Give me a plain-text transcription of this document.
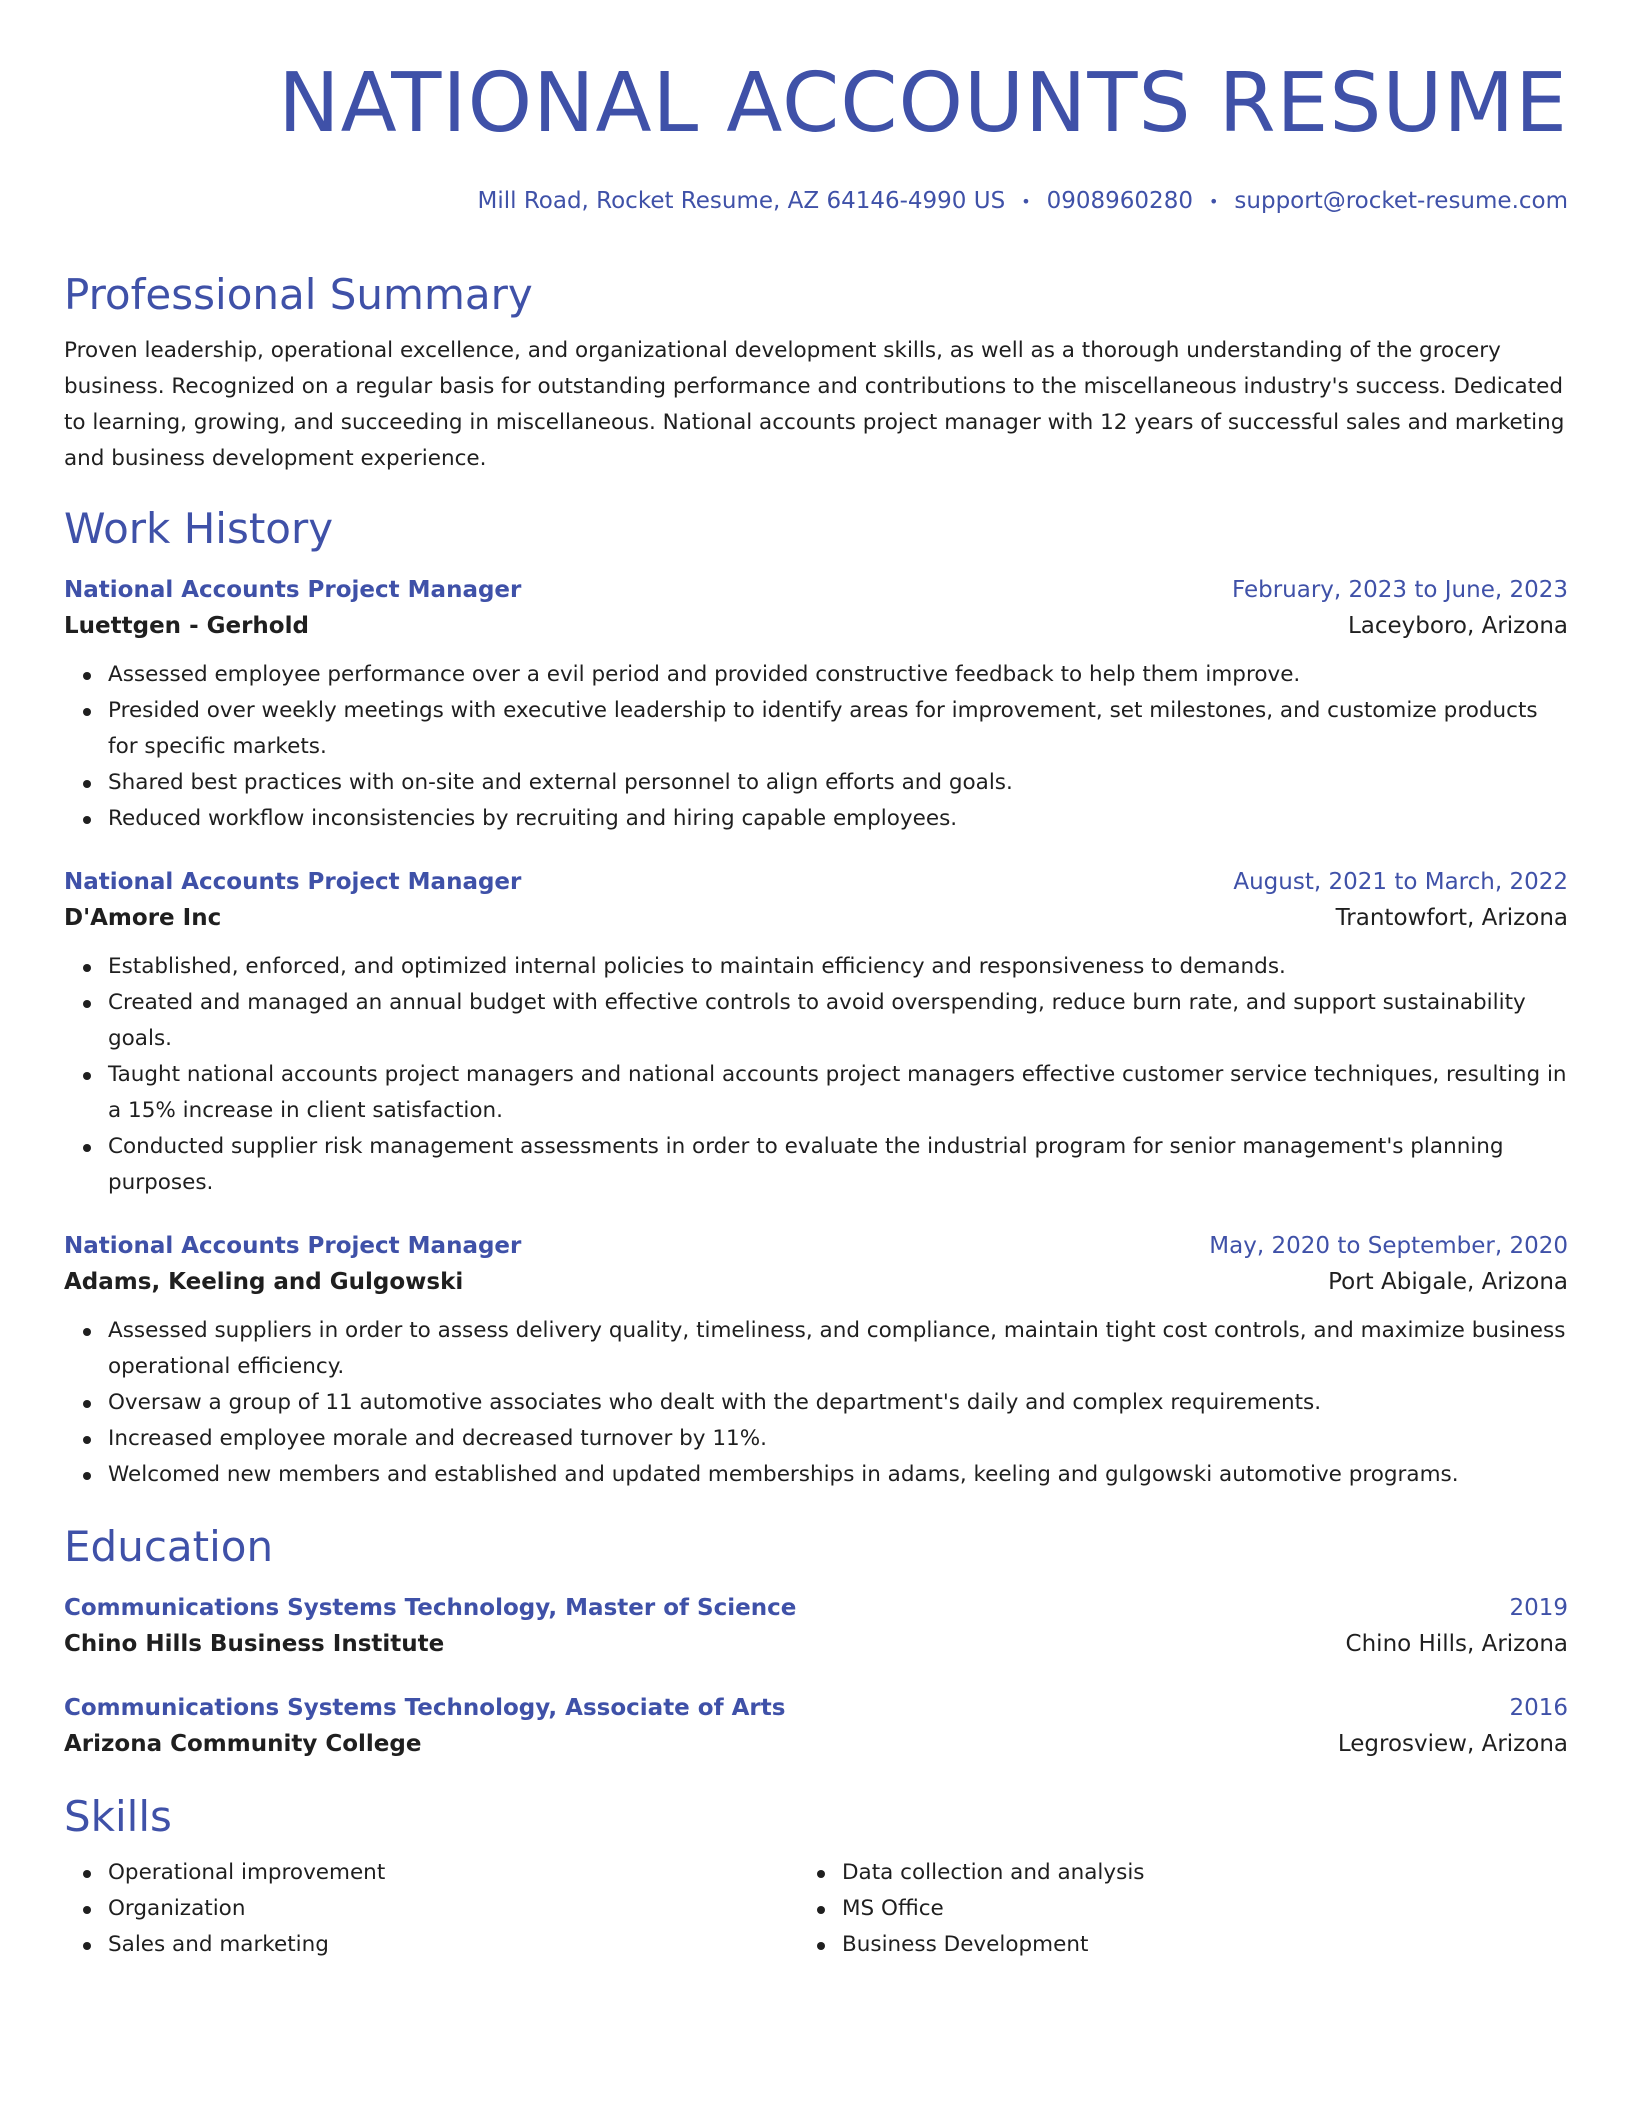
NATIONAL ACCOUNTS RESUME
Mill Road, Rocket Resume, AZ 64146-4990 US • 0908960280 • support@rocket-resume.com
Professional Summary
Proven leadership, operational excellence, and organizational development skills, as well as a thorough understanding of the grocery business. Recognized on a regular basis for outstanding performance and contributions to the miscellaneous industry's success. Dedicated to learning, growing, and succeeding in miscellaneous. National accounts project manager with 12 years of successful sales and marketing and business development experience.
Work History
National Accounts Project Manager	February, 2023 to June, 2023
Luettgen - Gerhold	Laceyboro, Arizona
Assessed employee performance over a evil period and provided constructive feedback to help them improve.
Presided over weekly meetings with executive leadership to identify areas for improvement, set milestones, and customize products for specific markets.
Shared best practices with on-site and external personnel to align efforts and goals.
Reduced workflow inconsistencies by recruiting and hiring capable employees.
National Accounts Project Manager	August, 2021 to March, 2022
D'Amore Inc	Trantowfort, Arizona
Established, enforced, and optimized internal policies to maintain efficiency and responsiveness to demands.
Created and managed an annual budget with effective controls to avoid overspending, reduce burn rate, and support sustainability goals.
Taught national accounts project managers and national accounts project managers effective customer service techniques, resulting in a 15% increase in client satisfaction.
Conducted supplier risk management assessments in order to evaluate the industrial program for senior management's planning purposes.
National Accounts Project Manager	May, 2020 to September, 2020
Adams, Keeling and Gulgowski	Port Abigale, Arizona
Assessed suppliers in order to assess delivery quality, timeliness, and compliance, maintain tight cost controls, and maximize business operational efficiency.
Oversaw a group of 11 automotive associates who dealt with the department's daily and complex requirements.
Increased employee morale and decreased turnover by 11%.
Welcomed new members and established and updated memberships in adams, keeling and gulgowski automotive programs.
Education
Communications Systems Technology, Master of Science	2019
Chino Hills Business Institute	Chino Hills, Arizona
Communications Systems Technology, Associate of Arts	2016
Arizona Community College	Legrosview, Arizona
Skills
Operational improvement
Organization
Sales and marketing
Data collection and analysis
MS Office
Business Development
